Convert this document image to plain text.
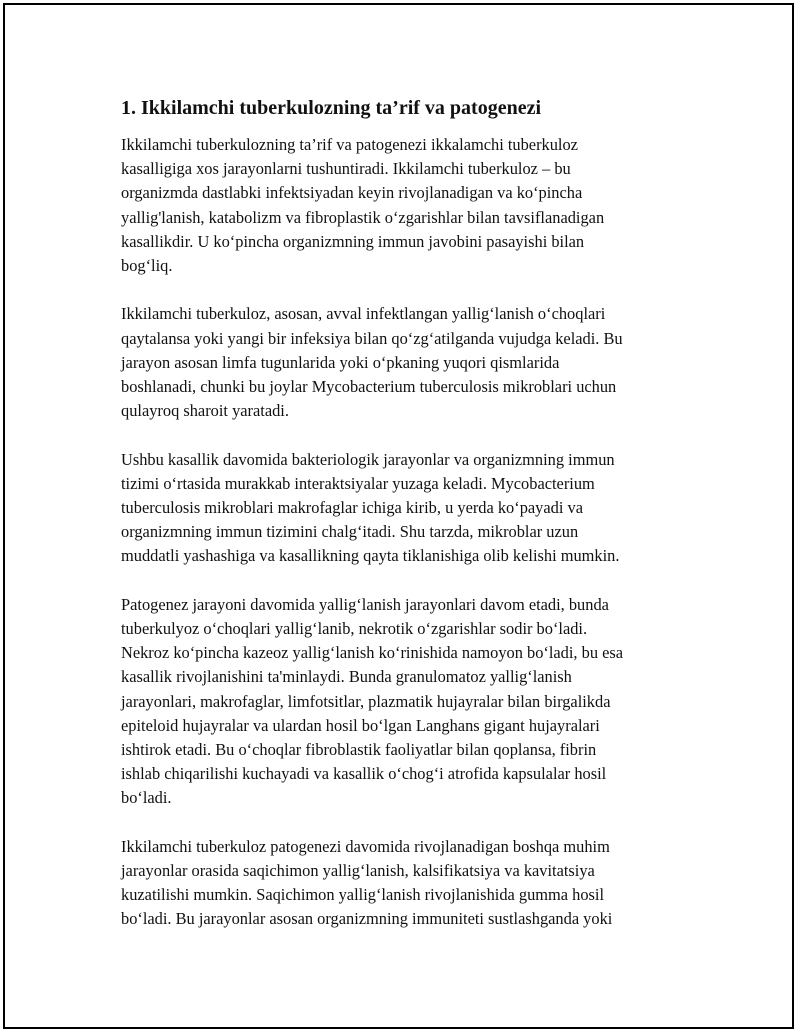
1. Ikkilamchi tuberkulozning ta’rif va patogenezi

Ikkilamchi tuberkulozning ta’rif va patogenezi ikkalamchi tuberkuloz
kasalligiga xos jarayonlarni tushuntiradi. Ikkilamchi tuberkuloz – bu
organizmda dastlabki infektsiyadan keyin rivojlanadigan va ko‘pincha
yallig'lanish, katabolizm va fibroplastik o‘zgarishlar bilan tavsiflanadigan
kasallikdir. U ko‘pincha organizmning immun javobini pasayishi bilan
bog‘liq.

Ikkilamchi tuberkuloz, asosan, avval infektlangan yallig‘lanish o‘choqlari
qaytalansa yoki yangi bir infeksiya bilan qo‘zg‘atilganda vujudga keladi. Bu
jarayon asosan limfa tugunlarida yoki o‘pkaning yuqori qismlarida
boshlanadi, chunki bu joylar Mycobacterium tuberculosis mikroblari uchun
qulayroq sharoit yaratadi.

Ushbu kasallik davomida bakteriologik jarayonlar va organizmning immun
tizimi o‘rtasida murakkab interaktsiyalar yuzaga keladi. Mycobacterium
tuberculosis mikroblari makrofaglar ichiga kirib, u yerda ko‘payadi va
organizmning immun tizimini chalg‘itadi. Shu tarzda, mikroblar uzun
muddatli yashashiga va kasallikning qayta tiklanishiga olib kelishi mumkin.

Patogenez jarayoni davomida yallig‘lanish jarayonlari davom etadi, bunda
tuberkulyoz o‘choqlari yallig‘lanib, nekrotik o‘zgarishlar sodir bo‘ladi.
Nekroz ko‘pincha kazeoz yallig‘lanish ko‘rinishida namoyon bo‘ladi, bu esa
kasallik rivojlanishini ta'minlaydi. Bunda granulomatoz yallig‘lanish
jarayonlari, makrofaglar, limfotsitlar, plazmatik hujayralar bilan birgalikda
epiteloid hujayralar va ulardan hosil bo‘lgan Langhans gigant hujayralari
ishtirok etadi. Bu o‘choqlar fibroblastik faoliyatlar bilan qoplansa, fibrin
ishlab chiqarilishi kuchayadi va kasallik o‘chog‘i atrofida kapsulalar hosil
bo‘ladi.

Ikkilamchi tuberkuloz patogenezi davomida rivojlanadigan boshqa muhim
jarayonlar orasida saqichimon yallig‘lanish, kalsifikatsiya va kavitatsiya
kuzatilishi mumkin. Saqichimon yallig‘lanish rivojlanishida gumma hosil
bo‘ladi. Bu jarayonlar asosan organizmning immuniteti sustlashganda yoki
